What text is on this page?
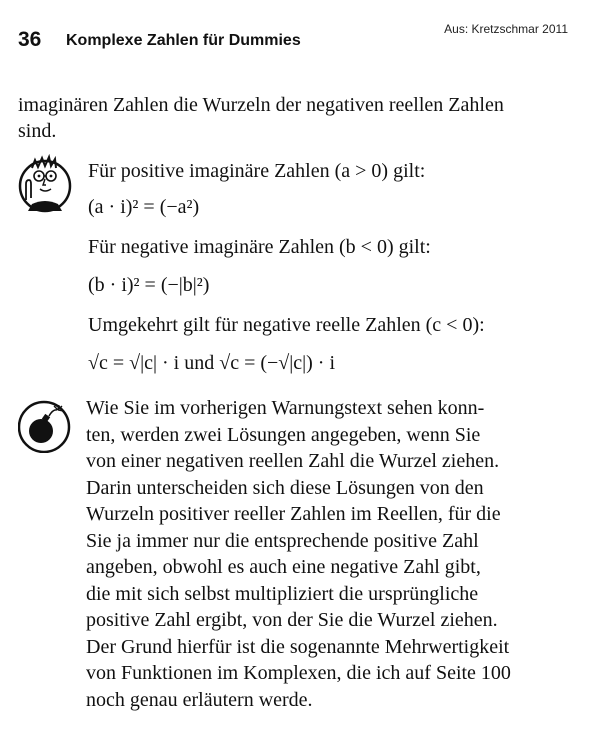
36 Komplexe Zahlen für Dummies
Aus: Kretzschmar 2011
imaginären Zahlen die Wurzeln der negativen reellen Zahlen
sind.
Für positive imaginäre Zahlen (a > 0) gilt:
(a · i)² = (−a²)
Für negative imaginäre Zahlen (b < 0) gilt:
(b · i)² = (−|b|²)
Umgekehrt gilt für negative reelle Zahlen (c < 0):
√c = √|c| · i und √c = (−√|c|) · i
Wie Sie im vorherigen Warnungstext sehen konn-
ten, werden zwei Lösungen angegeben, wenn Sie
von einer negativen reellen Zahl die Wurzel ziehen.
Darin unterscheiden sich diese Lösungen von den
Wurzeln positiver reeller Zahlen im Reellen, für die
Sie ja immer nur die entsprechende positive Zahl
angeben, obwohl es auch eine negative Zahl gibt,
die mit sich selbst multipliziert die ursprüngliche
positive Zahl ergibt, von der Sie die Wurzel ziehen.
Der Grund hierfür ist die sogenannte Mehrwertigkeit
von Funktionen im Komplexen, die ich auf Seite 100
noch genau erläutern werde.
